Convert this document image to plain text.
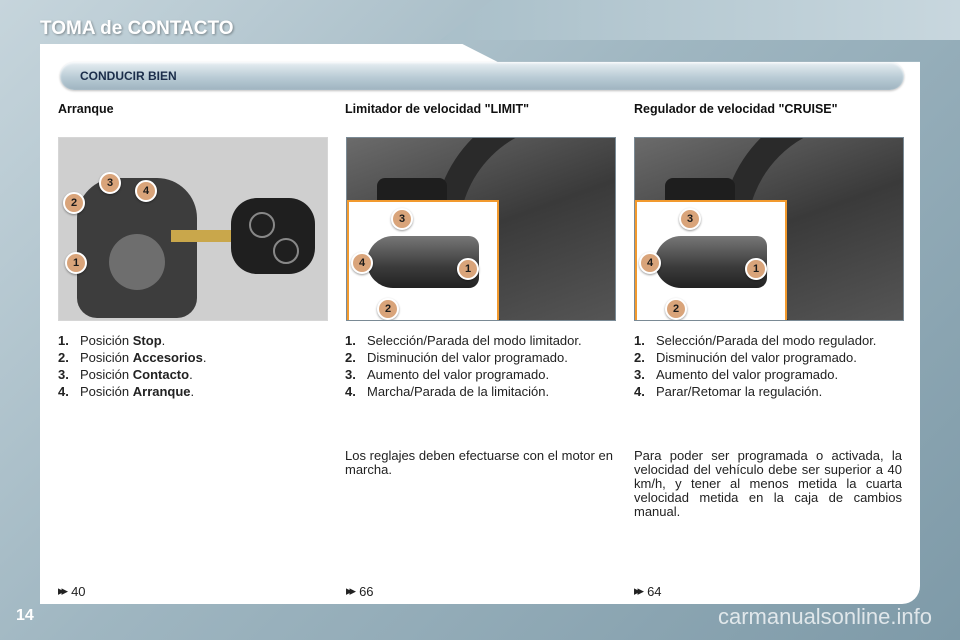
TOMA de CONTACTO
CONDUCIR BIEN
Arranque	Limitador de velocidad "LIMIT"	Regulador de velocidad "CRUISE"
1
2
3
4
1
2
3
4	1
2
3
4
1. Posición Stop.
2. Posición Accesorios.
3. Posición Contacto.
4. Posición Arranque.
1. Selección/Parada del modo limitador.
2. Disminución del valor programado.
3. Aumento del valor programado.
4. Marcha/Parada de la limitación.
1. Selección/Parada del modo regulador.
2. Disminución del valor programado.
3. Aumento del valor programado.
4. Parar/Retomar la regulación.

Los reglajes deben efectuarse con el motor en marcha.

Para poder ser programada o activada, la velocidad del vehículo debe ser superior a 40 km/h, y tener al menos metida la cuarta velocidad metida en la caja de cambios manual.

▸▸ 40	▸▸ 66	▸▸ 64
14	carmanualsonline.info
